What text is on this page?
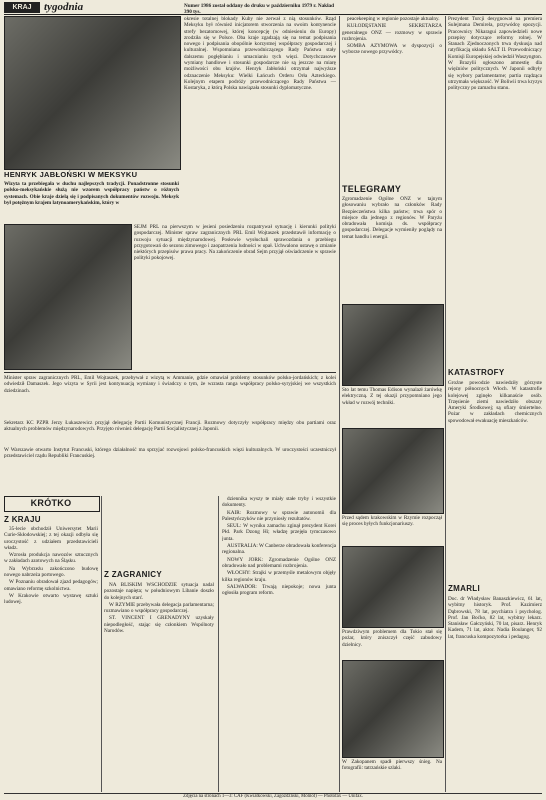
KRAJ	tygodnia	Numer 1986 został oddany do druku w październiku 1979 r. Nakład 390 tys.
HENRYK JABŁOŃSKI W MEKSYKU
Wizyta ta przebiegała w duchu najlepszych tradycji. Ponadstronne stosunki polsko-meksykańskie służą nie wzorem współpracy państw o różnych systemach. Obie kraje dzielą się i podpisanych dokumentów rozwoju. Meksyk był potężnym krajem latynoamerykańskim, który w
okresie totalnej blokady Kuby nie zerwał z nią stosunków. Rząd Meksyku był również inicjatorem stworzenia na swoim kontynencie strefy bezatomowej, której koncepcję (w odniesieniu do Europy) zrodziła się w Polsce. Oba kraje zgadzają się na temat podpisania nowego i podpisania obopólnie korzystnej współpracy gospodarczej i kulturalnej. Wspomniana przewodniczącego Rady Państwa stały dalszemu pogłębianiu i umacnianiu tych więzi. Dotychczasowe wymiany handlowe i stosunki gospodarcze nie są jeszcze na miarę możliwości obu krajów. Henryk Jabłoński otrzymał najwyższe odznaczenie Meksyku: Wielki Łańcuch Orderu Orła Azteckiego. Kolejnym etapem podróży przewodniczącego Rady Państwa — Kostaryka, z którą Polska nawiązała stosunki dyplomatyczne.
SEJM PRL na pierwszym w jesieni posiedzeniu rozpatrywał sytuację i kierunki polityki gospodarczej. Minister spraw zagranicznych PRL Emil Wojtaszek przedstawił informację o rozwoju sytuacji międzynarodowej. Posłowie wysłuchali sprawozdania o przebiegu przygotowań do sezonu zimowego i zaopatrzenia ludności w opał. Uchwalono ustawę o zmianie niektórych przepisów prawa pracy. Na zakończenie obrad Sejm przyjął oświadczenie w sprawie polityki pokojowej.
Minister spraw zagranicznych PRL, Emil Wojtaszek, przebywał z wizytą w Ammanie, gdzie omawiał problemy stosunków polsko-jordańskich; z kolei odwiedził Damaszek. Jego wizyta w Syrii jest kontynuacją wymiany i świadczy o tym, że wzrasta ranga współpracy polsko-syryjskiej we wszystkich dziedzinach.
Sekretarz KC PZPR Jerzy Łukaszewicz przyjął delegację Partii Komunistycznej Francji. Rozmowy dotyczyły współpracy między obu partiami oraz aktualnych problemów międzynarodowych. Przyjęto również delegację Partii Socjalistycznej z Japonii.
W Warszawie otwarto Instytut Francuski, którego działalność ma sprzyjać rozwojowi polsko-francuskich więzi kulturalnych. W uroczystości uczestniczył przedstawiciel rządu Republiki Francuskiej.
KRÓTKO
Z KRAJU

35-lecie obchodził Uniwersytet Marii Curie-Skłodowskiej; z tej okazji odbyła się uroczystość z udziałem przedstawicieli władz.

Wzrosła produkcja nawozów sztucznych w zakładach azotowych na Śląsku.

Na Wybrzeżu zakończono budowę nowego nabrzeża portowego.

W Poznaniu obradował zjazd pedagogów; omawiano reformę szkolnictwa.

W Krakowie otwarto wystawę sztuki ludowej.

Z ZAGRANICY

NA BLISKIM WSCHODZIE sytuacja nadal pozostaje napięta; w południowym Libanie doszło do kolejnych starć.

W RZYMIE przebywała delegacja parlamentarna; rozmawiano o współpracy gospodarczej.

ST. VINCENT I GRENADYNY uzyskały niepodległość, stając się członkiem Wspólnoty Narodów.

dziennika wyszy te miały stałe tryby i wszystkie dokumenty.

KAIR: Rozmowy w sprawie autonomii dla Palestyńczyków nie przyniosły rezultatów.

SEUL: W wyniku zamachu zginął prezydent Korei Płd. Park Dzong Hi; władzę przejęła tymczasowo junta.

AUSTRALIA: W Canberze obradowała konferencja regionalna.

NOWY JORK: Zgromadzenie Ogólne ONZ obradowało nad problemami rozbrojenia.

WŁOCHY: Strajki w przemyśle metalowym objęły kilka regionów kraju.

SALWADOR: Trwają niepokoje; nowa junta ogłosiła program reform.

peacekeeping w regionie pozostaje aktualny.

KUŁODĘSTANIE SEKRETARZA generalnego ONZ — rozmowy w sprawie rozbrojenia.

SOMBA AZYMOWA w dyspozycji o wyborze nowego przywódcy.

TELEGRAMY
Zgromadzenie Ogólne ONZ w tajnym głosowaniu wybrało na członków Rady Bezpieczeństwa kilka państw; trwa spór o miejsce dla jednego z regionów. W Paryżu obradowała komisja ds. współpracy gospodarczej. Delegacje wymieniły poglądy na temat handlu i energii.
Sto lat temu Thomas Edison wynalazł żarówkę elektryczną. Z tej okazji przypomniano jego wkład w rozwój techniki.
Przed sądem krakowskim w Rzymie rozpoczął się proces byłych funkcjonariuszy.
Prawdziwym problemem dla Tokio stał się pożar, który zniszczył część zabudowy dzielnicy.
W Zakopanem spadł pierwszy śnieg. Na fotografii: tatrzańskie szlaki.
Prezydent Turcji desygnował na premiera Sulejmana Demirela, przywódcę opozycji. Pracownicy Nikaragui zapowiedzieli nowe przepisy dotyczące reformy rolnej. W Stanach Zjednoczonych trwa dyskusja nad ratyfikacją układu SALT II. Przewodniczący Komisji Europejskiej odwiedził Waszyngton. W Brazylii ogłoszono amnestię dla więźniów politycznych. W Japonii odbyły się wybory parlamentarne; partia rządząca utrzymała większość. W Boliwii trwa kryzys polityczny po zamachu stanu.
KATASTROFY
Groźne powodzie nawiedziły górzyste rejony północnych Włoch. W katastrofie kolejowej zginęło kilkanaście osób. Trzęsienie ziemi nawiedziło obszary Ameryki Środkowej; są ofiary śmiertelne. Pożar w zakładach chemicznych spowodował ewakuację mieszkańców.
ZMARLI
Doc. dr Władysław Banaszkiewicz, 61 lat, wybitny historyk. Prof. Kazimierz Dąbrowski, 78 lat, psychiatra i psycholog. Prof. Jan Boćko, 82 lat, wybitny lekarz. Stanisław Gałczyński, 70 lat, pisarz. Henryk Kadem, 71 lat, aktor. Nadia Boulanger, 92 lat, francuska kompozytorka i pedagog.
Zdjęcia na stronach 1—3: CAF (Kwiatkowski, Zagożdżński, Momot) — Photofax — Unifax.
